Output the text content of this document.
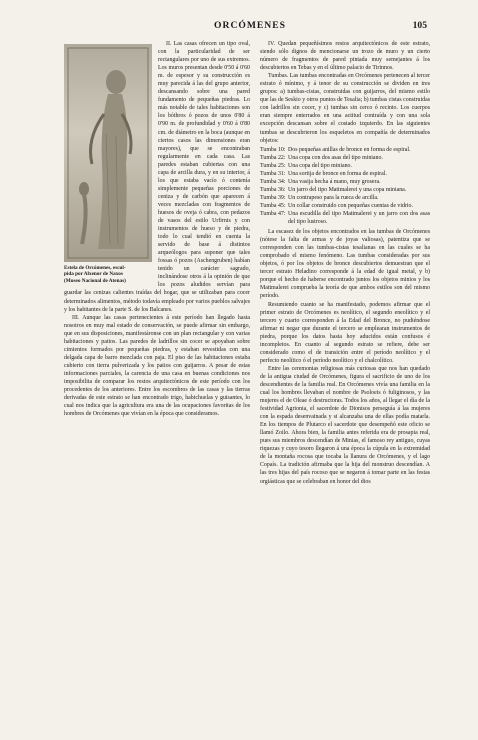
ORCÓMENES	105
Estela de Orcómenes, escul-
pida por Alxenor de Naxos
(Museo Nacional de Atenas)

II. Las casas ofrecen un tipo oval, con la particularidad de ser rectangulares por uno de sus extremos. Los muros presentan desde 0'50 á 0'60 m. de espesor y su construcción es muy parecida á las del grupo anterior, descansando sobre una pared fundamento de pequeñas piedras. Lo más notable de tales habitaciones son los bóthros ó pozos de unos 0'80 á 0'90 m. de profundidad y 0'60 á 0'80 cm. de diámetro en la boca (aunque en ciertos casos las dimensiones eran mayores), que se encontraban regularmente en cada casa. Las paredes estaban cubiertas con una capa de arcilla dura, y en su interior, á los que estaba vacío ó contenía simplemente pequeñas porciones de ceniza y de carbón que aparecen á veces mezcladas con fragmentos de huesos de oveja ó cabra, con pedazos de vasos del estilo Urfirnis y con instrumentos de hueso y de piedra, todo lo cual tendió en cuenta la servido de base á distintos arqueólogos para suponer que tales fossas ó pozos (Aschengruben) habían tenido un carácter sagrado, inclinándose otros á la opinión de que los pozos aludidos servían para guardar las cenizas calientes traídas del hogar, que se utilizaban para cocer determinados alimentos, método todavía empleado por varios pueblos salvajes y los habitantes de la parte S. de los Balcanes.

III. Aunque las casas pertenecientes á este período han llegado hasta nosotros en muy mal estado de conservación, se puede afirmar sin embargo, que en sus disposiciones, manifestáronse con un plan rectangular y con varias habitaciones y patios. Las paredes de ladrillos sin cocer se apoyaban sobre cimientos formados por pequeñas piedras, y estaban revestidas con una delgada capa de barro mezclada con paja. El piso de las habitaciones estaba cubierto con tierra pulverizada y los patios con guijarros. A pesar de estas informaciones parciales, la carencia de una casa en buenas condiciones nos imposibilita de comparar los restos arquitectónicos de este período con los procedentes de los anteriores. Entre los escombros de las casas y las tierras derivadas de este estrato se han encontrado trigo, habichuelas y guisantes, lo cual nos indica que la agricultura era una de las ocupaciones favoritas de los hombres de Orcómenes que vivían en la época que consideramos.

IV. Quedan pequeñísimos restos arquitectónicos de este estrato, siendo sólo dignos de mencionarse un trozo de muro y un cierto número de fragmentos de pared pintada muy semejantes á los descubiertos en Tebas y en el último palacio de Tirinnos.

Tumbas. Las tumbas encontradas en Orcómenes pertenecen al tercer estrato ó mínimo, y á tenor de su construcción se dividen en tres grupos: a) tumbas-cistas, construidas con guijarros, del mismo estilo que las de Seskio y otros puntos de Tesalia; b) tumbas cistas construidas con ladrillos sin cocer, y c) tumbas sin cerco ó recinto. Los cuerpos eran siempre enterrados en una actitud contraída y con una sola excepción descansan sobre el costado izquierdo. En las siguientes tumbas se descubrieron los esqueletos en compañía de determinados objetos:

Tumba 10: Dos pequeñas anillas de bronce en forma de espiral.
Tumba 22: Una copa con dos asas del tipo miniano.
Tumba 25: Una copa del tipo miniano.
Tumba 31: Una sortija de bronce en forma de espiral.
Tumba 34: Una vasija hecha á mano, muy grosera.
Tumba 36: Un jarro del tipo Mattmalerei y una copa miniana.
Tumba 39: Un contrapeso para la rueca de arcilla.
Tumba 45: Un collar construido con pequeñas cuentas de vidrio.
Tumba 47: Una escudilla del tipo Mattmalerei y un jarro con dos asas del tipo lustroso.

La escasez de los objetos encontrados en las tumbas de Orcómenes (nótese la falta de armas y de joyas valiosas), patentiza que se corresponden con las tumbas-cistas tesalianas en las cuales se ha comprobado el mismo fenómeno. Las tumbas consideradas por sus objetos, ó por los objetos de bronce descubiertos demuestran que el tercer estrato Heladino corresponde á la edad de igual metal, y b) porque el hecho de haberse encontrado juntos los objetos minios y los Mattmalerei comprueba la teoría de que ambos estilos son del mismo período.

Resumiendo cuanto se ha manifestado, podemos afirmar que el primer estrato de Orcómenes es neolítico, el segundo eneolítico y el tercero y cuarto corresponden á la Edad del Bronce, no pudiéndose afirmar ni negar que durante el tercero se emplearan instrumentos de piedra, porque los datos hasta hoy aducidos están confusos é incompletos. En cuanto al segundo estrato se refiere, debe ser considerado como el de transición entre el período neolítico y el perfecto neolítico ó el período neolítico y el chalcolítico.

Entre las ceremonias religiosas más curiosas que nos han quedado de la antigua ciudad de Orcómenes, figura el sacrificio de uno de los descendientes de la familia real. En Orcómenes vivía una familia en la cual los hombres llevaban el nombre de Psoloeis ó fuliginosos, y las mujeres el de Oleae ó destructoras. Todos los años, al llegar el día de la festividad Agrionia, el sacerdote de Dionisos perseguía á las mujeres con la espada desenvainada y si alcanzaba una de ellas podía matarla. En los tiempos de Plutarco el sacerdote que desempeñó este oficio se llamó Zoilo. Ahora bien, la familia antes referida era de prosapia real, pues sus miembros descendían de Minias, el famoso rey antiguo, cuyas riquezas y cuyo tesoro llegaron á una época la cúpula en la extremidad de la montaña rocosa que tocaba la llanura de Orcómenes, y el lago Copaís. La tradición afirmaba que la hija del monstruo descendían. A las tres hijas del país rocoso que se negaron á tomar parte en las festas orgiásticas que se celebraban en honor del dios
